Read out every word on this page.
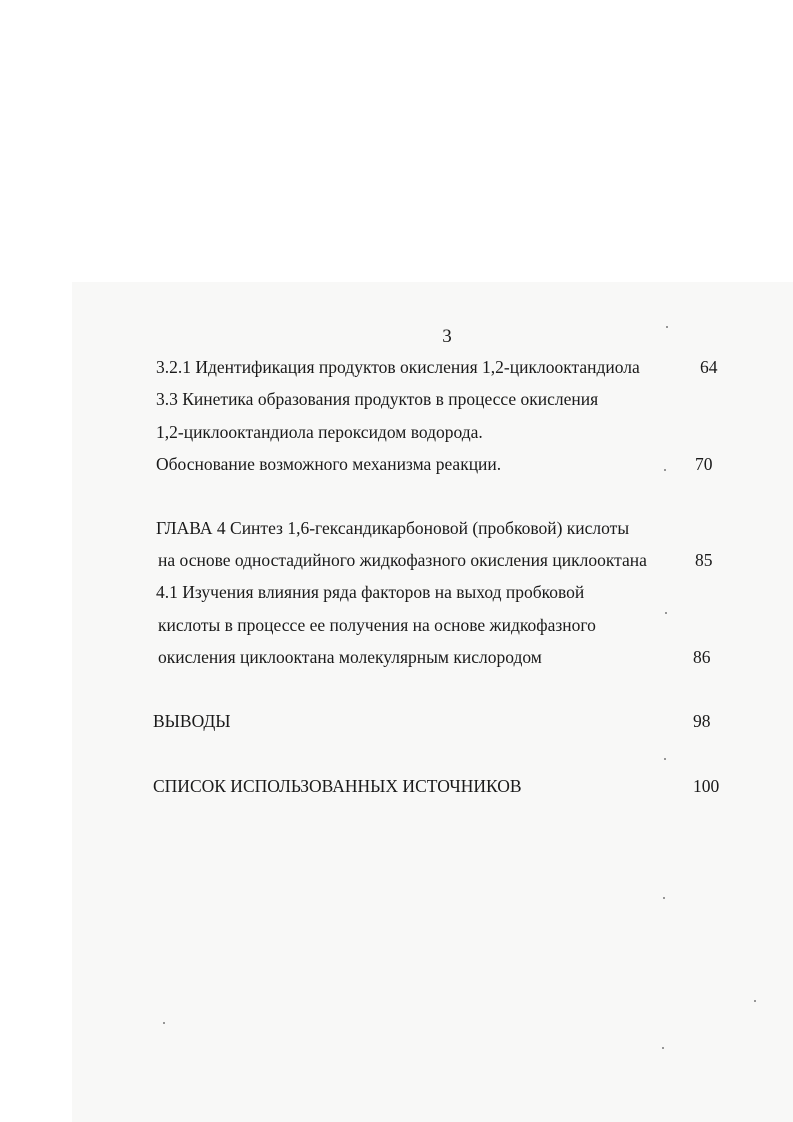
3
3.2.1 Идентификация продуктов окисления 1,2-циклооктандиола	64
3.3 Кинетика образования продуктов в процессе окисления
1,2-циклооктандиола пероксидом водорода.
Обоснование возможного механизма реакции.	70
ГЛАВА 4 Синтез 1,6-гександикарбоновой (пробковой) кислоты
на основе одностадийного жидкофазного окисления циклооктана	85
4.1 Изучения влияния ряда факторов на выход пробковой
кислоты в процессе ее получения на основе жидкофазного
окисления циклооктана молекулярным кислородом	86
ВЫВОДЫ	98
СПИСОК ИСПОЛЬЗОВАННЫХ ИСТОЧНИКОВ	100
